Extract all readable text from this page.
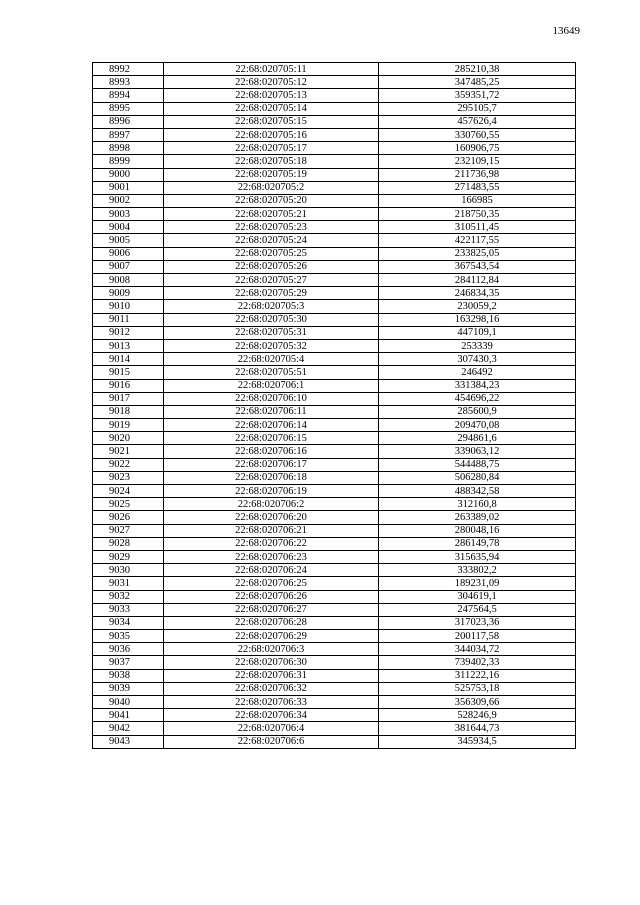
13649
8992	22:68:020705:11	285210,38
8993	22:68:020705:12	347485,25
8994	22:68:020705:13	359351,72
8995	22:68:020705:14	295105,7
8996	22:68:020705:15	457626,4
8997	22:68:020705:16	330760,55
8998	22:68:020705:17	160906,75
8999	22:68:020705:18	232109,15
9000	22:68:020705:19	211736,98
9001	22:68:020705:2	271483,55
9002	22:68:020705:20	166985
9003	22:68:020705:21	218750,35
9004	22:68:020705:23	310511,45
9005	22:68:020705:24	422117,55
9006	22:68:020705:25	233825,05
9007	22:68:020705:26	367543,54
9008	22:68:020705:27	284112,84
9009	22:68:020705:29	246834,35
9010	22:68:020705:3	230059,2
9011	22:68:020705:30	163298,16
9012	22:68:020705:31	447109,1
9013	22:68:020705:32	253339
9014	22:68:020705:4	307430,3
9015	22:68:020705:51	246492
9016	22:68:020706:1	331384,23
9017	22:68:020706:10	454696,22
9018	22:68:020706:11	285600,9
9019	22:68:020706:14	209470,08
9020	22:68:020706:15	294861,6
9021	22:68:020706:16	339063,12
9022	22:68:020706:17	544488,75
9023	22:68:020706:18	506280,84
9024	22:68:020706:19	488342,58
9025	22:68:020706:2	312160,8
9026	22:68:020706:20	263389,02
9027	22:68:020706:21	280048,16
9028	22:68:020706:22	286149,78
9029	22:68:020706:23	315635,94
9030	22:68:020706:24	333802,2
9031	22:68:020706:25	189231,09
9032	22:68:020706:26	304619,1
9033	22:68:020706:27	247564,5
9034	22:68:020706:28	317023,36
9035	22:68:020706:29	200117,58
9036	22:68:020706:3	344034,72
9037	22:68:020706:30	739402,33
9038	22:68:020706:31	311222,16
9039	22:68:020706:32	525753,18
9040	22:68:020706:33	356309,66
9041	22:68:020706:34	528246,9
9042	22:68:020706:4	381644,73
9043	22:68:020706:6	345934,5
